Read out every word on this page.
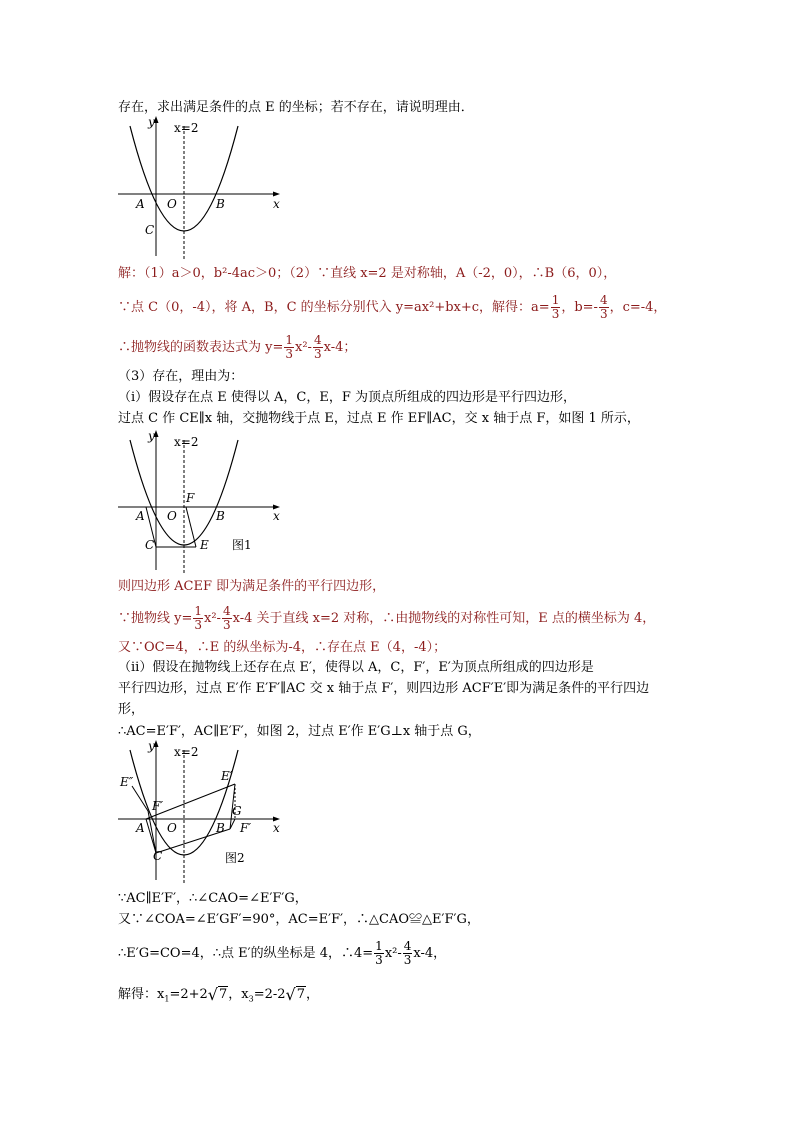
存在，求出满足条件的点 E 的坐标；若不存在，请说明理由．
y x=2
x
A O	B
C
解：（1）a＞0，b²-4ac＞0；（2）∵直线 x=2 是对称轴，A（-2，0），∴B（6，0），
∵点 C（0，-4），将 A，B，C 的坐标分别代入 y=ax²+bx+c，解得：$a= \frac{1}{3}$ ，$b=- \frac{4}{3}$ ，c=-4，
∴抛物线的函数表达式为 $y= \frac{1}{3} x^2- \frac{4}{3} x-4$；
（3）存在，理由为：
（i）假设存在点 E 使得以 A，C，E，F 为顶点所组成的四边形是平行四边形，
过点 C 作 CE∥x 轴，交抛物线于点 E，过点 E 作 EF∥AC，交 x 轴于点 F，如图 1 所示，
y x=2
x
F
A O	B
C	E 图1
则四边形 ACEF 即为满足条件的平行四边形，
∵抛物线 $y= \frac{1}{3} x^2- \frac{4}{3} x-4$ 关于直线 x=2 对称，∴由抛物线的对称性可知，E 点的横坐标为 4，
又∵OC=4，∴E 的纵坐标为-4，∴存在点 E（4，-4）；
（ii）假设在抛物线上还存在点 E′，使得以 A，C，F′，E′为顶点所组成的四边形是
平行四边形，过点 E′作 E′F′∥AC 交 x 轴于点 F′，则四边形 ACF′E′即为满足条件的平行四边
形，
∴AC=E′F′，AC∥E′F′，如图 2，过点 E′作 E′G⊥x 轴于点 G，
y x=2
x
E″	E′
F′	G
F′
A O	B
C	图2
∵AC∥E′F′，∴∠CAO=∠E′F′G，
又∵∠COA=∠E′GF′=90°，AC=E′F′，∴△CAO≌△E′F′G，
∴E′G=CO=4，∴点 E′的纵坐标是 4，∴4= $\frac{1}{3} x^2- \frac{4}{3} x-4$，
解得：$x_1=2+2√7$，$x_3=2-2√7$，
